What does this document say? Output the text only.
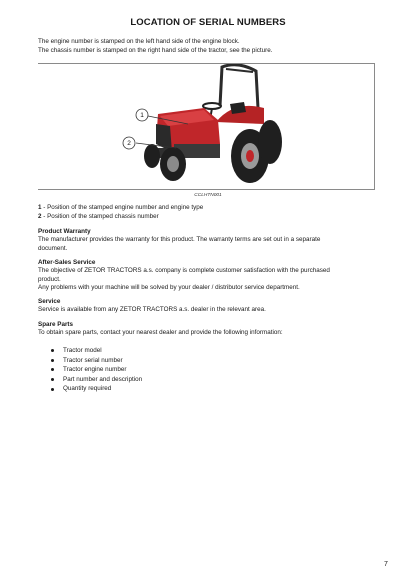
LOCATION OF SERIAL NUMBERS
The engine number is stamped on the left hand side of the engine block.
The chassis number is stamped on the right hand side of the tractor, see the picture.
1
2
CCLHTN001
1 - Position of the stamped engine number and engine type
2 - Position of the stamped chassis number
Product Warranty
The manufacturer provides the warranty for this product. The warranty terms are set out in a separate
document.
After-Sales Service
The objective of ZETOR TRACTORS a.s. company is complete customer satisfaction with the purchased
product.
Any problems with your machine will be solved by your dealer / distributor service department.
Service
Service is available from any ZETOR TRACTORS a.s. dealer in the relevant area.
Spare Parts
To obtain spare parts, contact your nearest dealer and provide the following information:
Tractor model
Tractor serial number
Tractor engine number
Part number and description
Quantity required
7
